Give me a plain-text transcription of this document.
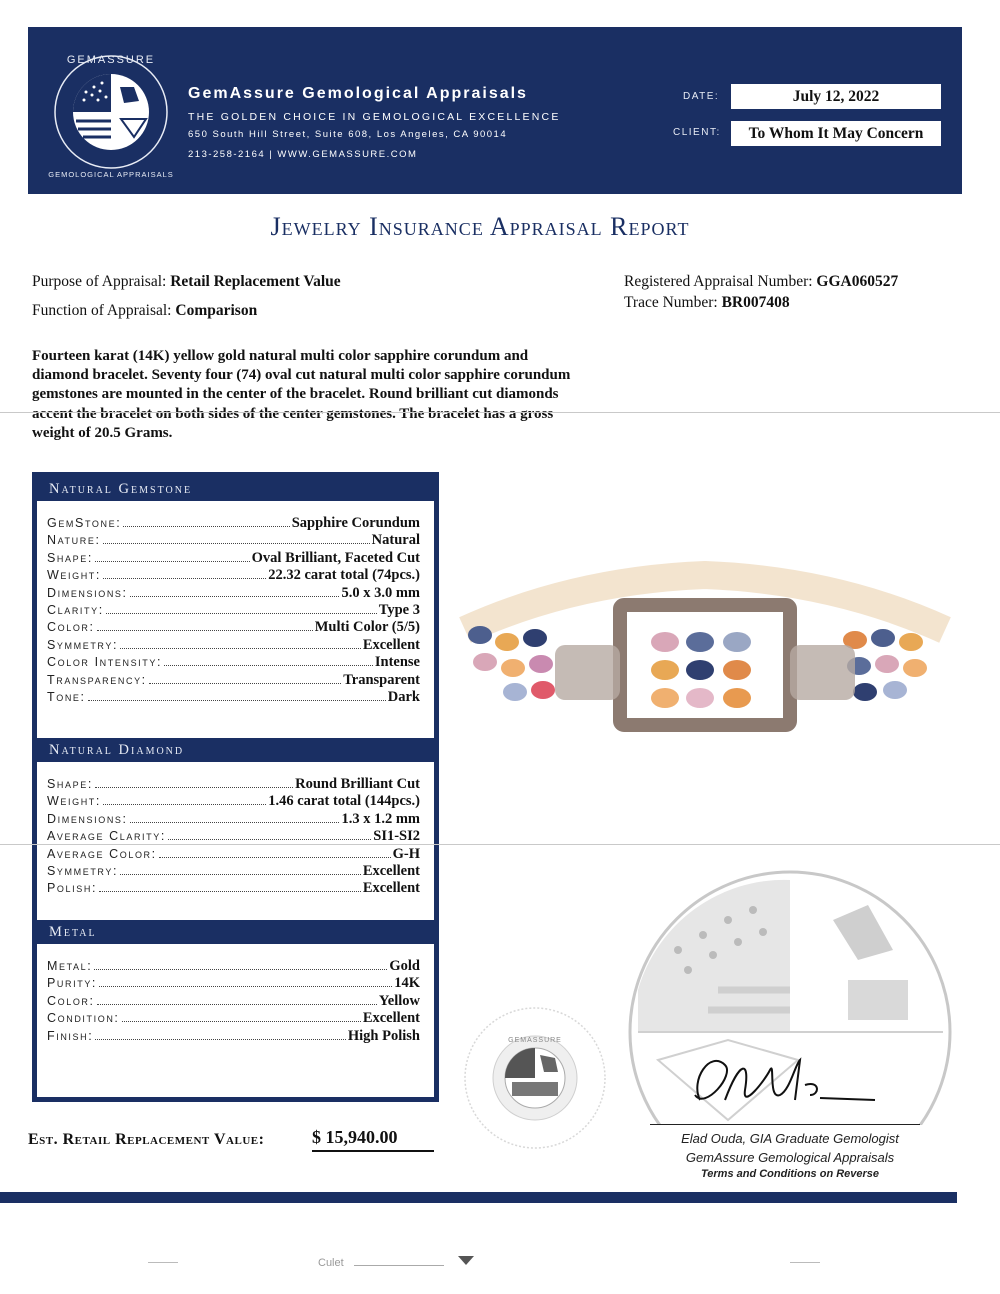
GEMASSURE
GEMOLOGICAL APPRAISALS
GemAssure Gemological Appraisals
THE GOLDEN CHOICE IN GEMOLOGICAL EXCELLENCE
650 South Hill Street, Suite 608, Los Angeles, CA 90014
213-258-2164 | WWW.GEMASSURE.COM
DATE:	July 12, 2022
CLIENT:	To Whom It May Concern
Jewelry Insurance Appraisal Report
Purpose of Appraisal: Retail Replacement Value
Function of Appraisal: Comparison
Registered Appraisal Number: GGA060527
Trace Number: BR007408
Fourteen karat (14K) yellow gold natural multi color sapphire corundum and diamond bracelet. Seventy four (74) oval cut natural multi color sapphire corundum gemstones are mounted in the center of the bracelet. Round brilliant cut diamonds accent the bracelet on both sides of the center gemstones. The bracelet has a gross weight of 20.5 Grams.
Natural Gemstone
GemStone:	Sapphire Corundum
Nature:	Natural
Shape:	Oval Brilliant, Faceted Cut
Weight:	22.32 carat total (74pcs.)
Dimensions:	5.0 x 3.0 mm
Clarity:	Type 3
Color:	Multi Color (5/5)
Symmetry:	Excellent
Color Intensity:	Intense
Transparency:	Transparent
Tone:	Dark
Natural Diamond
Shape:	Round Brilliant Cut
Weight:	1.46 carat total (144pcs.)
Dimensions:	1.3 x 1.2 mm
Average Clarity:	SI1-SI2
Average Color:	G-H
Symmetry:	Excellent
Polish:	Excellent
Metal
Metal:	Gold
Purity:	14K
Color:	Yellow
Condition:	Excellent
Finish:	High Polish	GEMASSURE
Elad Ouda, GIA Graduate Gemologist
GemAssure Gemological Appraisals
Terms and Conditions on Reverse
Est. Retail Replacement Value:	$ 15,940.00
Culet
